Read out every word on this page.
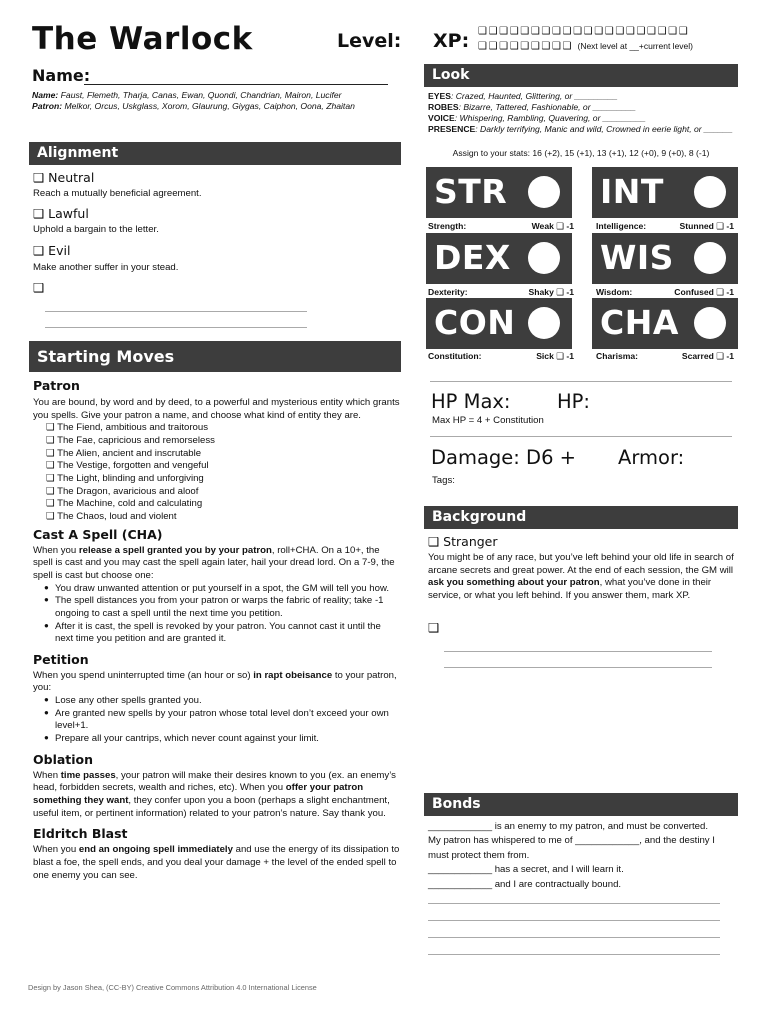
The Warlock	Level: XP: ❑❑❑❑❑❑❑❑❑❑❑❑❑❑❑❑❑❑❑❑
❑❑❑❑❑❑❑❑❑ (Next level at __+current level)
Name:
Name: Faust, Flemeth, Tharja, Canas, Ewan, Quondi, Chandrian, Mairon, Lucifer
Patron: Melkor, Orcus, Uskglass, Xorom, Glaurung, Giygas, Caiphon, Oona, Zhaitan
Look
EYES: Crazed, Haunted, Glittering, or _________
ROBES: Bizarre, Tattered, Fashionable, or _________
VOICE: Whispering, Rambling, Quavering, or _________
PRESENCE: Darkly terrifying, Manic and wild, Crowned in eerie light, or ______
Alignment
❑ Neutral
Reach a mutually beneficial agreement.
❑ Lawful
Uphold a bargain to the letter.
❑ Evil
Make another suffer in your stead.
❑
Assign to your stats: 16 (+2), 15 (+1), 13 (+1), 12 (+0), 9 (+0), 8 (-1)
STR
Strength:	Weak ❑ -1
INT
Intelligence:	Stunned ❑ -1
DEX
Dexterity:	Shaky ❑ -1
WIS
Wisdom:	Confused ❑ -1
CON
Constitution:	Sick ❑ -1
CHA
Charisma:	Scarred ❑ -1
HP Max: HP:
Max HP = 4 + Constitution
Damage: D6 + Armor:
Tags:
Starting Moves
Patron
You are bound, by word and by deed, to a powerful and mysterious entity which grants you spells. Give your patron a name, and choose what kind of entity they are.
❑ The Fiend, ambitious and traitorous
❑ The Fae, capricious and remorseless
❑ The Alien, ancient and inscrutable
❑ The Vestige, forgotten and vengeful
❑ The Light, blinding and unforgiving
❑ The Dragon, avaricious and aloof
❑ The Machine, cold and calculating
❑ The Chaos, loud and violent
Cast A Spell (CHA)
When you release a spell granted you by your patron, roll+CHA. On a 10+, the spell is cast and you may cast the spell again later, hail your dread lord. On a 7-9, the spell is cast but choose one:
● You draw unwanted attention or put yourself in a spot, the GM will tell you how.
● The spell distances you from your patron or warps the fabric of reality; take -1 ongoing to cast a spell until the next time you petition.
● After it is cast, the spell is revoked by your patron. You cannot cast it until the next time you petition and are granted it.
Petition
When you spend uninterrupted time (an hour or so) in rapt obeisance to your patron, you:
● Lose any other spells granted you.
● Are granted new spells by your patron whose total level don’t exceed your own level+1.
● Prepare all your cantrips, which never count against your limit.
Oblation
When time passes, your patron will make their desires known to you (ex. an enemy’s head, forbidden secrets, wealth and riches, etc). When you offer your patron something they want, they confer upon you a boon (perhaps a slight enchantment, useful item, or pertinent information) related to your patron’s nature. Say thank you.
Eldritch Blast
When you end an ongoing spell immediately and use the energy of its dissipation to blast a foe, the spell ends, and you deal your damage + the level of the ended spell to one enemy you can see.
Background
❑ Stranger
You might be of any race, but you’ve left behind your old life in search of arcane secrets and great power. At the end of each session, the GM will ask you something about your patron, what you’ve done in their service, or what you left behind. If you answer them, mark XP.
❑
Bonds
____________ is an enemy to my patron, and must be converted.
My patron has whispered to me of ____________, and the destiny I must protect them from.
____________ has a secret, and I will learn it.
____________ and I are contractually bound.
Design by Jason Shea, (CC-BY) Creative Commons Attribution 4.0 International License
